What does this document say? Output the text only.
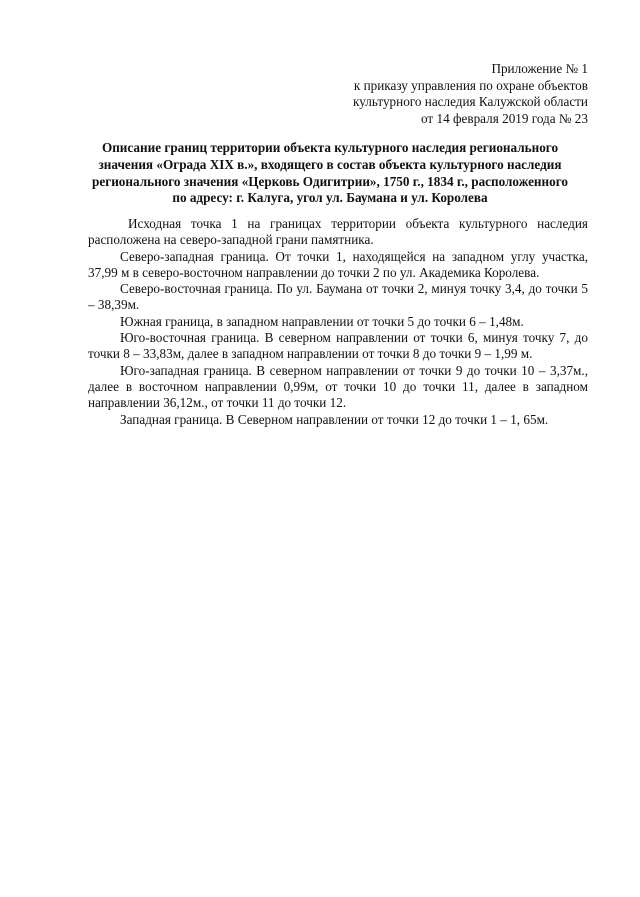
Приложение № 1
к приказу управления по охране объектов
культурного наследия Калужской области
от 14 февраля 2019 года № 23
Описание границ территории объекта культурного наследия регионального
значения «Ограда XIX в.», входящего в состав объекта культурного наследия
регионального значения «Церковь Одигитрии», 1750 г., 1834 г., расположенного
по адресу: г. Калуга, угол ул. Баумана и ул. Королева

Исходная точка 1 на границах территории объекта культурного наследия расположена на северо-западной грани памятника.

Северо-западная граница. От точки 1, находящейся на западном углу участка, 37,99 м в северо-восточном направлении до точки 2 по ул. Академика Королева.

Северо-восточная граница. По ул. Баумана от точки 2, минуя точку 3,4, до точки 5 – 38,39м.

Южная граница, в западном направлении от точки 5 до точки 6 – 1,48м.

Юго-восточная граница. В северном направлении от точки 6, минуя точку 7, до точки 8 – 33,83м, далее в западном направлении от точки 8 до точки 9 – 1,99 м.

Юго-западная граница. В северном направлении от точки 9 до точки 10 – 3,37м., далее в восточном направлении 0,99м, от точки 10 до точки 11, далее в западном направлении 36,12м., от точки 11 до точки 12.

Западная граница. В Северном направлении от точки 12 до точки 1 – 1, 65м.
